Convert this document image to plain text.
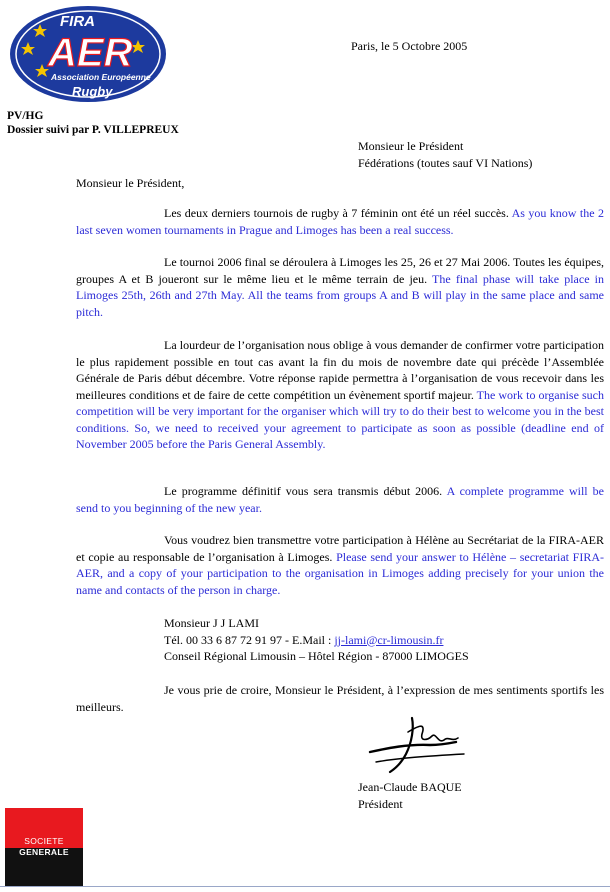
FIRA
AER
Association Européenne
Rugby
Paris, le 5 Octobre 2005
PV/HG
Dossier suivi par P. VILLEPREUX
Monsieur le Président
Fédérations (toutes sauf VI Nations)
Monsieur le Président,
Les deux derniers tournois de rugby à 7 féminin ont été un réel succès. As you know the 2 last seven women tournaments in Prague and Limoges has been a real success.
Le tournoi 2006 final se déroulera à Limoges les 25, 26 et 27 Mai 2006. Toutes les équipes, groupes A et B joueront sur le même lieu et le même terrain de jeu. The final phase will take place in Limoges 25th, 26th and 27th May. All the teams from groups A and B will play in the same place and same pitch.
La lourdeur de l’organisation nous oblige à vous demander de confirmer votre participation le plus rapidement possible en tout cas avant la fin du mois de novembre date qui précède l’Assemblée Générale de Paris début décembre. Votre réponse rapide permettra à l’organisation de vous recevoir dans les meilleures conditions et de faire de cette compétition un évènement sportif majeur. The work to organise such competition will be very important for the organiser which will try to do their best to welcome you in the best conditions. So, we need to received your agreement to participate as soon as possible (deadline end of November 2005 before the Paris General Assembly.
Le programme définitif vous sera transmis début 2006. A complete programme will be send to you beginning of the new year.
Vous voudrez bien transmettre votre participation à Hélène au Secrétariat de la FIRA-AER et copie au responsable de l’organisation à Limoges. Please send your answer to Hélène – secretariat FIRA-AER, and a copy of your participation to the organisation in Limoges adding precisely for your union the name and contacts of the person in charge.
Monsieur J J LAMI
Tél. 00 33 6 87 72 91 97 - E.Mail : jj-lami@cr-limousin.fr
Conseil Régional Limousin – Hôtel Région - 87000 LIMOGES
Je vous prie de croire, Monsieur le Président, à l’expression de mes sentiments sportifs les meilleurs.
Jean-Claude BAQUE
Président
SOCIETE
GENERALE
